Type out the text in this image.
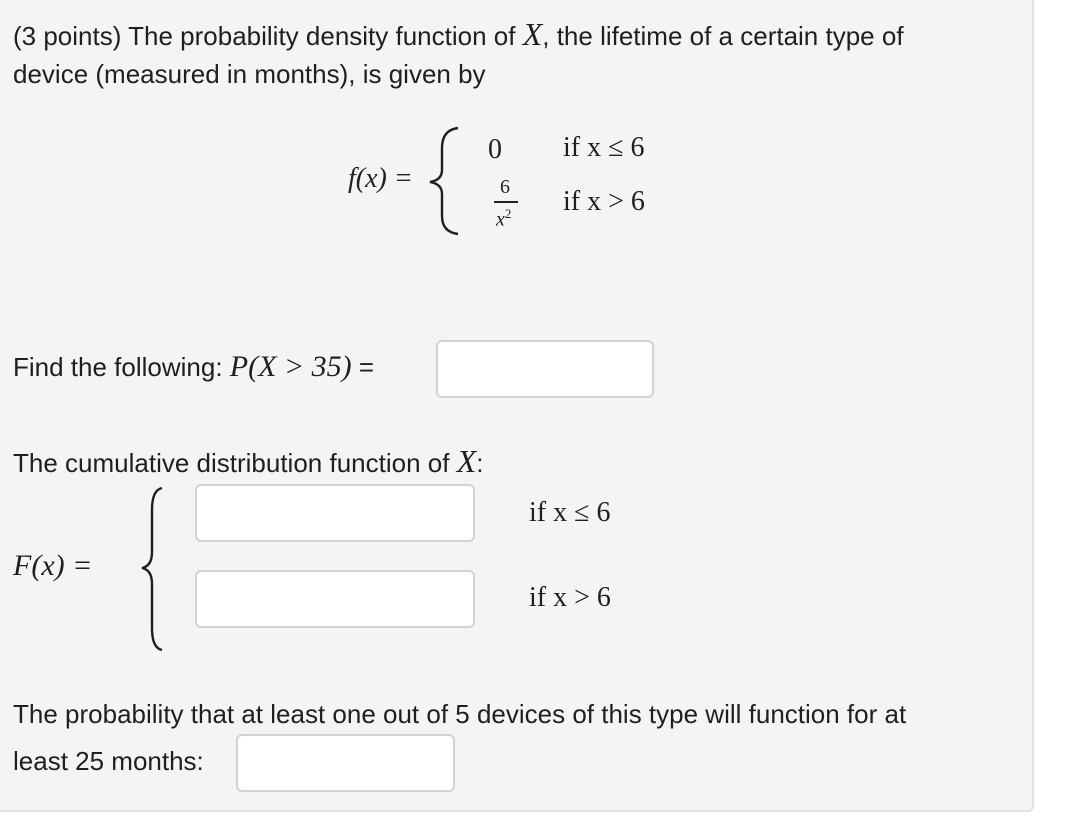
(3 points) The probability density function of X, the lifetime of a certain type of
device (measured in months), is given by
f(x) =
0 if x ≤ 6
6
$x^2$ if x > 6
Find the following: P(X > 35) =
The cumulative distribution function of X:
F(x) =
if x ≤ 6
if x > 6
The probability that at least one out of 5 devices of this type will function for at
least 25 months:
